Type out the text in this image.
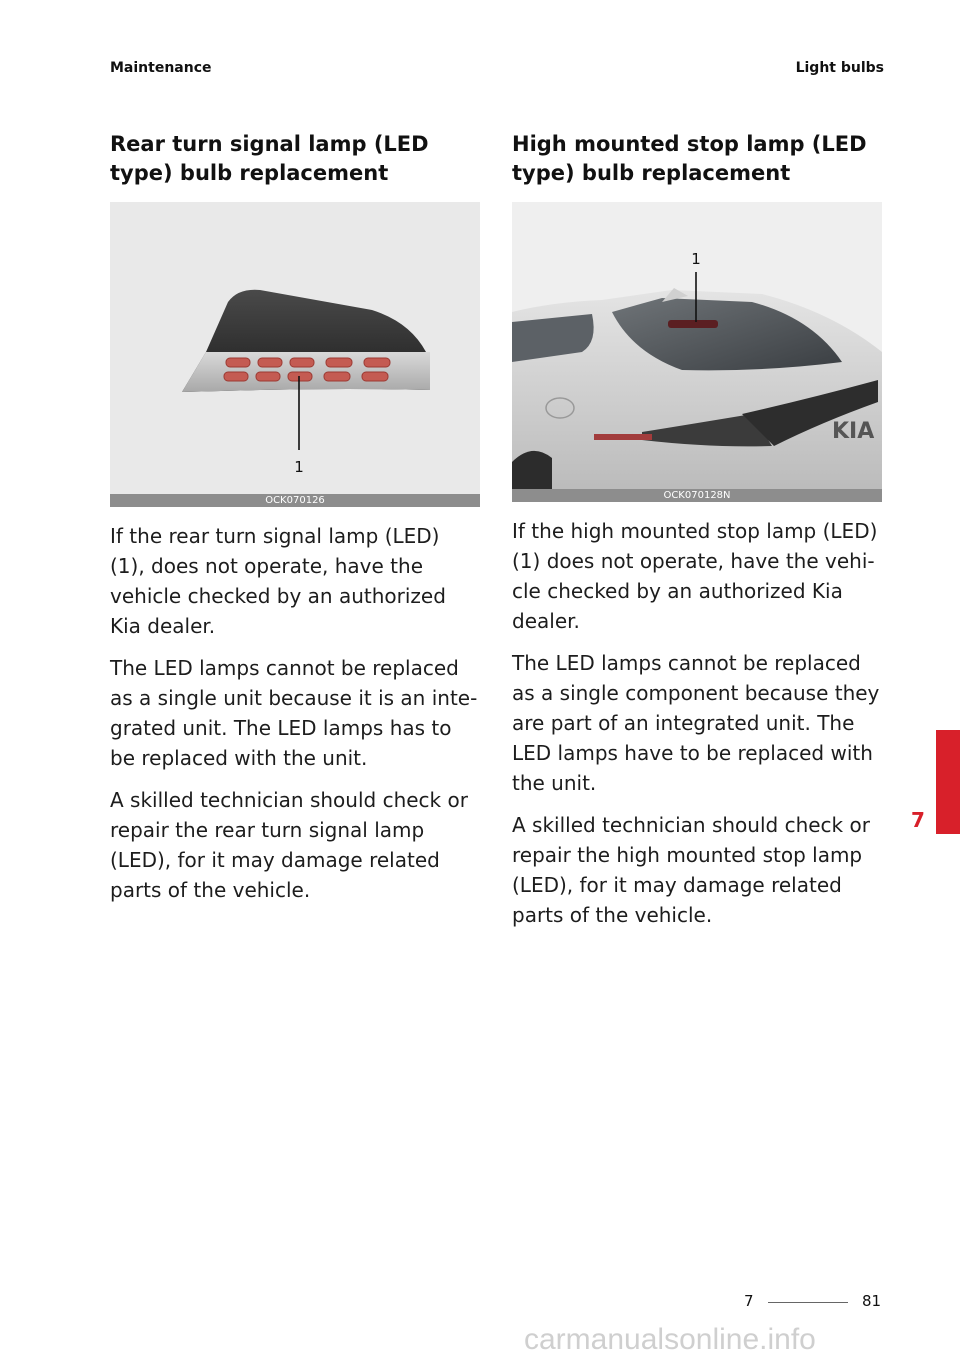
Maintenance	Light bulbs
Rear turn signal lamp (LED type) bulb replacement
1
OCK070126

If the rear turn signal lamp (LED) (1), does not operate, have the vehicle checked by an authorized Kia dealer.

The LED lamps cannot be replaced as a single unit because it is an inte-grated unit. The LED lamps has to be replaced with the unit.

A skilled technician should check or repair the rear turn signal lamp (LED), for it may damage related parts of the vehicle.

High mounted stop lamp (LED type) bulb replacement
KIA
1
OCK070128N

If the high mounted stop lamp (LED) (1) does not operate, have the vehi-cle checked by an authorized Kia dealer.

The LED lamps cannot be replaced as a single component because they are part of an integrated unit. The LED lamps have to be replaced with the unit.

A skilled technician should check or repair the high mounted stop lamp (LED), for it may damage related parts of the vehicle.

7
7	81
carmanualsonline.info
